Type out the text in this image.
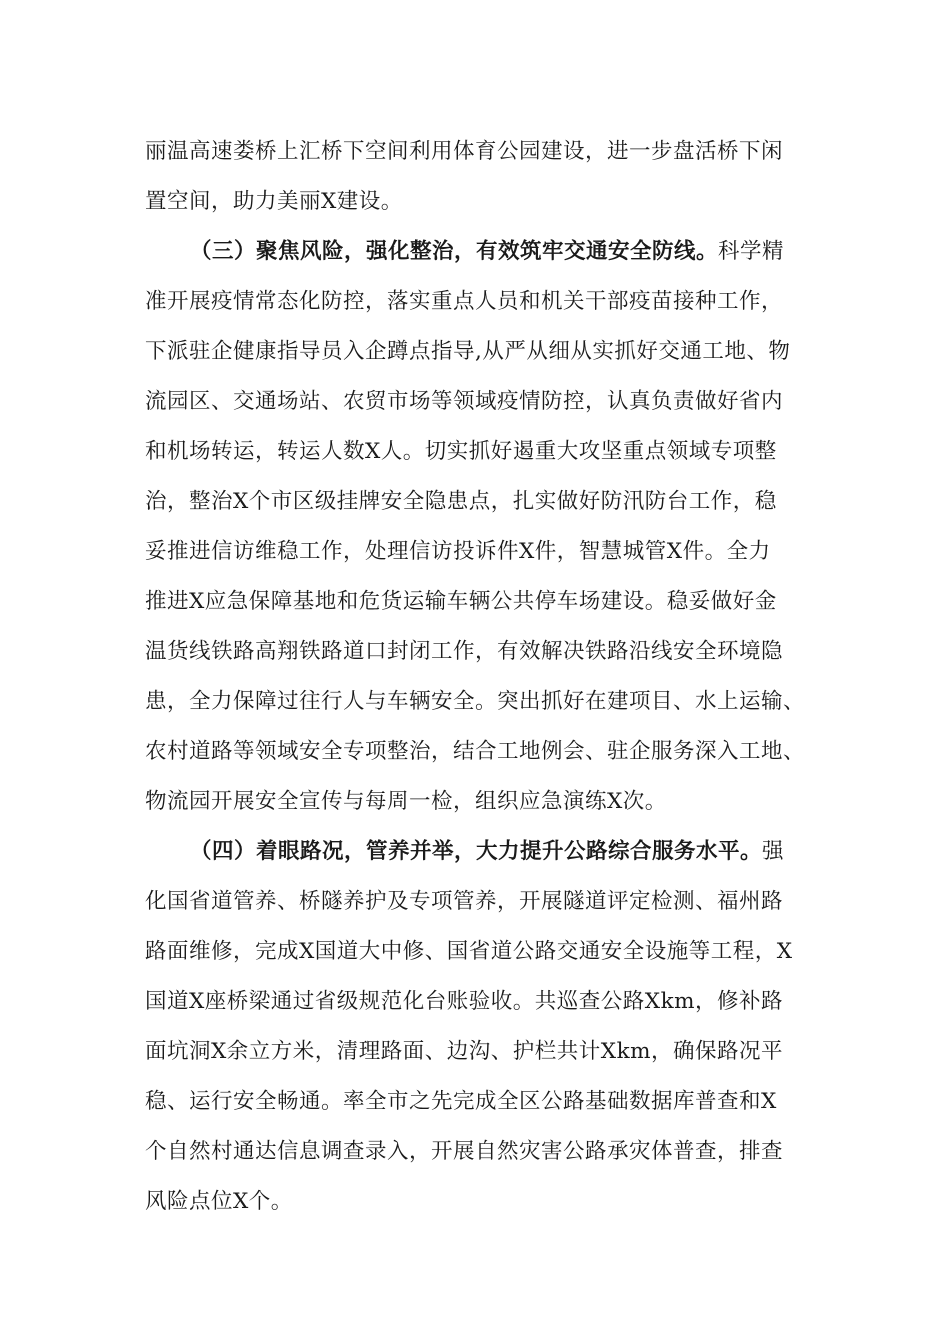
丽温高速娄桥上汇桥下空间利用体育公园建设，进一步盘活桥下闲
置空间，助力美丽X建设。
（三）聚焦风险，强化整治，有效筑牢交通安全防线。科学精
准开展疫情常态化防控，落实重点人员和机关干部疫苗接种工作，
下派驻企健康指导员入企蹲点指导,从严从细从实抓好交通工地、物
流园区、交通场站、农贸市场等领域疫情防控，认真负责做好省内
和机场转运，转运人数X人。切实抓好遏重大攻坚重点领域专项整
治，整治X个市区级挂牌安全隐患点，扎实做好防汛防台工作，稳
妥推进信访维稳工作，处理信访投诉件X件，智慧城管X件。全力
推进X应急保障基地和危货运输车辆公共停车场建设。稳妥做好金
温货线铁路高翔铁路道口封闭工作，有效解决铁路沿线安全环境隐
患，全力保障过往行人与车辆安全。突出抓好在建项目、水上运输、
农村道路等领域安全专项整治，结合工地例会、驻企服务深入工地、
物流园开展安全宣传与每周一检，组织应急演练X次。
（四）着眼路况，管养并举，大力提升公路综合服务水平。强
化国省道管养、桥隧养护及专项管养，开展隧道评定检测、福州路
路面维修，完成X国道大中修、国省道公路交通安全设施等工程，X
国道X座桥梁通过省级规范化台账验收。共巡查公路Xkm，修补路
面坑洞X余立方米，清理路面、边沟、护栏共计Xkm，确保路况平
稳、运行安全畅通。率全市之先完成全区公路基础数据库普查和X
个自然村通达信息调查录入，开展自然灾害公路承灾体普查，排查
风险点位X个。
